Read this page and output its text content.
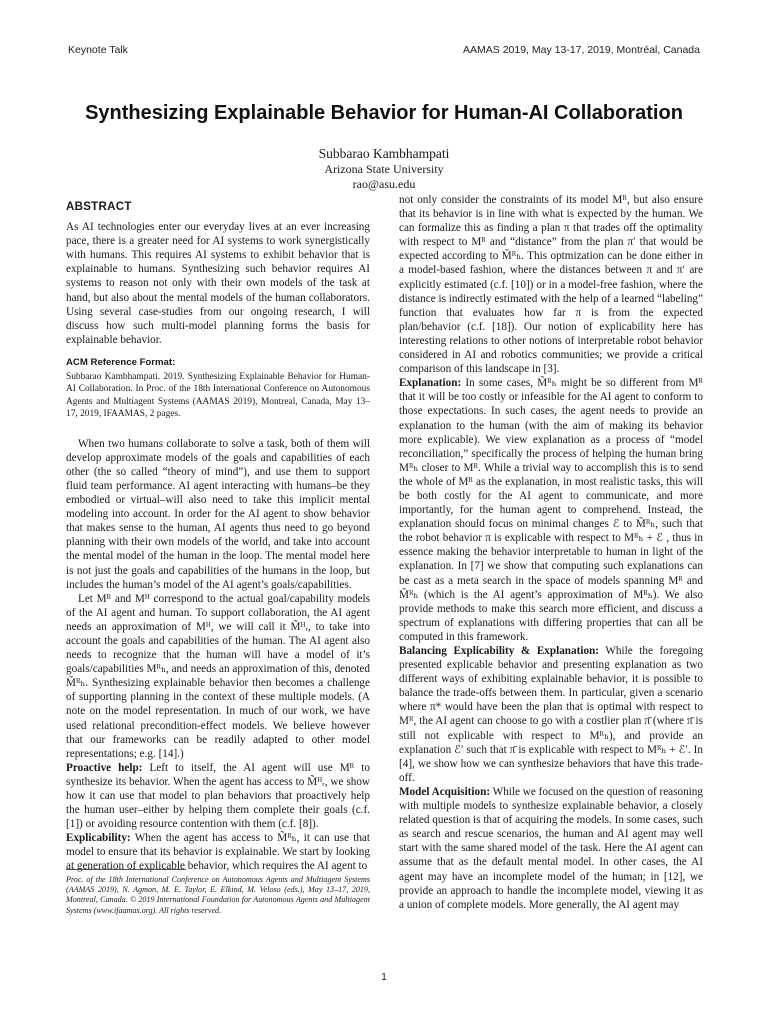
Keynote Talk	AAMAS 2019, May 13-17, 2019, Montréal, Canada
Synthesizing Explainable Behavior for Human-AI Collaboration
Subbarao Kambhampati
Arizona State University
rao@asu.edu
ABSTRACT

As AI technologies enter our everyday lives at an ever increasing pace, there is a greater need for AI systems to work synergistically with humans. This requires AI systems to exhibit behavior that is explainable to humans. Synthesizing such behavior requires AI systems to reason not only with their own models of the task at hand, but also about the mental models of the human collaborators. Using several case-studies from our ongoing research, I will discuss how such multi-model planning forms the basis for explainable behavior.

ACM Reference Format:

Subbarao Kambhampati. 2019. Synthesizing Explainable Behavior for Human-AI Collaboration. In Proc. of the 18th International Conference on Autonomous Agents and Multiagent Systems (AAMAS 2019), Montreal, Canada, May 13–17, 2019, IFAAMAS, 2 pages.

When two humans collaborate to solve a task, both of them will develop approximate models of the goals and capabilities of each other (the so called “theory of mind”), and use them to support fluid team performance. AI agent interacting with humans–be they embodied or virtual–will also need to take this implicit mental modeling into account. In order for the AI agent to show behavior that makes sense to the human, AI agents thus need to go beyond planning with their own models of the world, and take into account the mental model of the human in the loop. The mental model here is not just the goals and capabilities of the humans in the loop, but includes the human’s model of the AI agent’s goals/capabilities.

Let Mᴿ and Mᴴ correspond to the actual goal/capability models of the AI agent and human. To support collaboration, the AI agent needs an approximation of Mᴴ, we will call it M̃ᴴᵣ, to take into account the goals and capabilities of the human. The AI agent also needs to recognize that the human will have a model of it’s goals/capabilities Mᴿₕ, and needs an approximation of this, denoted M̃ᴿₕ. Synthesizing explainable behavior then becomes a challenge of supporting planning in the context of these multiple models. (A note on the model representation. In much of our work, we have used relational precondition-effect models. We believe however that our frameworks can be readily adapted to other model representations; e.g. [14].)

Proactive help: Left to itself, the AI agent will use Mᴿ to synthesize its behavior. When the agent has access to M̃ᴴᵣ, we show how it can use that model to plan behaviors that proactively help the human user–either by helping them complete their goals (c.f. [1]) or avoiding resource contention with them (c.f. [8]).

Explicability: When the agent has access to M̃ᴿₕ, it can use that model to ensure that its behavior is explainable. We start by looking at generation of explicable behavior, which requires the AI agent to

Proc. of the 18th International Conference on Autonomous Agents and Multiagent Systems (AAMAS 2019), N. Agmon, M. E. Taylor, E. Elkind, M. Veloso (eds.), May 13–17, 2019, Montreal, Canada. © 2019 International Foundation for Autonomous Agents and Multiagent Systems (www.ifaamas.org). All rights reserved.

not only consider the constraints of its model Mᴿ, but also ensure that its behavior is in line with what is expected by the human. We can formalize this as finding a plan π that trades off the optimality with respect to Mᴿ and “distance” from the plan π′ that would be expected according to M̃ᴿₕ. This optmization can be done either in a model-based fashion, where the distances between π and π′ are explicitly estimated (c.f. [10]) or in a model-free fashion, where the distance is indirectly estimated with the help of a learned “labeling” function that evaluates how far π is from the expected plan/behavior (c.f. [18]). Our notion of explicability here has interesting relations to other notions of interpretable robot behavior considered in AI and robotics communities; we provide a critical comparison of this landscape in [3].

Explanation: In some cases, M̃ᴿₕ might be so different from Mᴿ that it will be too costly or infeasible for the AI agent to conform to those expectations. In such cases, the agent needs to provide an explanation to the human (with the aim of making its behavior more explicable). We view explanation as a process of “model reconciliation,” specifically the process of helping the human bring Mᴿₕ closer to Mᴿ. While a trivial way to accomplish this is to send the whole of Mᴿ as the explanation, in most realistic tasks, this will be both costly for the AI agent to communicate, and more importantly, for the human agent to comprehend. Instead, the explanation should focus on minimal changes ℰ to M̃ᴿₕ, such that the robot behavior π is explicable with respect to Mᴿₕ + ℰ , thus in essence making the behavior interpretable to human in light of the explanation. In [7] we show that computing such explanations can be cast as a meta search in the space of models spanning Mᴿ and M̃ᴿₕ (which is the AI agent’s approximation of Mᴿₕ). We also provide methods to make this search more efficient, and discuss a spectrum of explanations with differing properties that can all be computed in this framework.

Balancing Explicability & Explanation: While the foregoing presented explicable behavior and presenting explanation as two different ways of exhibiting explainable behavior, it is possible to balance the trade-offs between them. In particular, given a scenario where π* would have been the plan that is optimal with respect to Mᴿ, the AI agent can choose to go with a costlier plan π̄ (where π̄ is still not explicable with respect to Mᴿₕ), and provide an explanation ℰ′ such that π̄ is explicable with respect to Mᴿₕ + ℰ′. In [4], we show how we can synthesize behaviors that have this trade-off.

Model Acquisition: While we focused on the question of reasoning with multiple models to synthesize explainable behavior, a closely related question is that of acquiring the models. In some cases, such as search and rescue scenarios, the human and AI agent may well start with the same shared model of the task. Here the AI agent can assume that as the default mental model. In other cases, the AI agent may have an incomplete model of the human; in [12], we provide an approach to handle the incomplete model, viewing it as a union of complete models. More generally, the AI agent may

1
